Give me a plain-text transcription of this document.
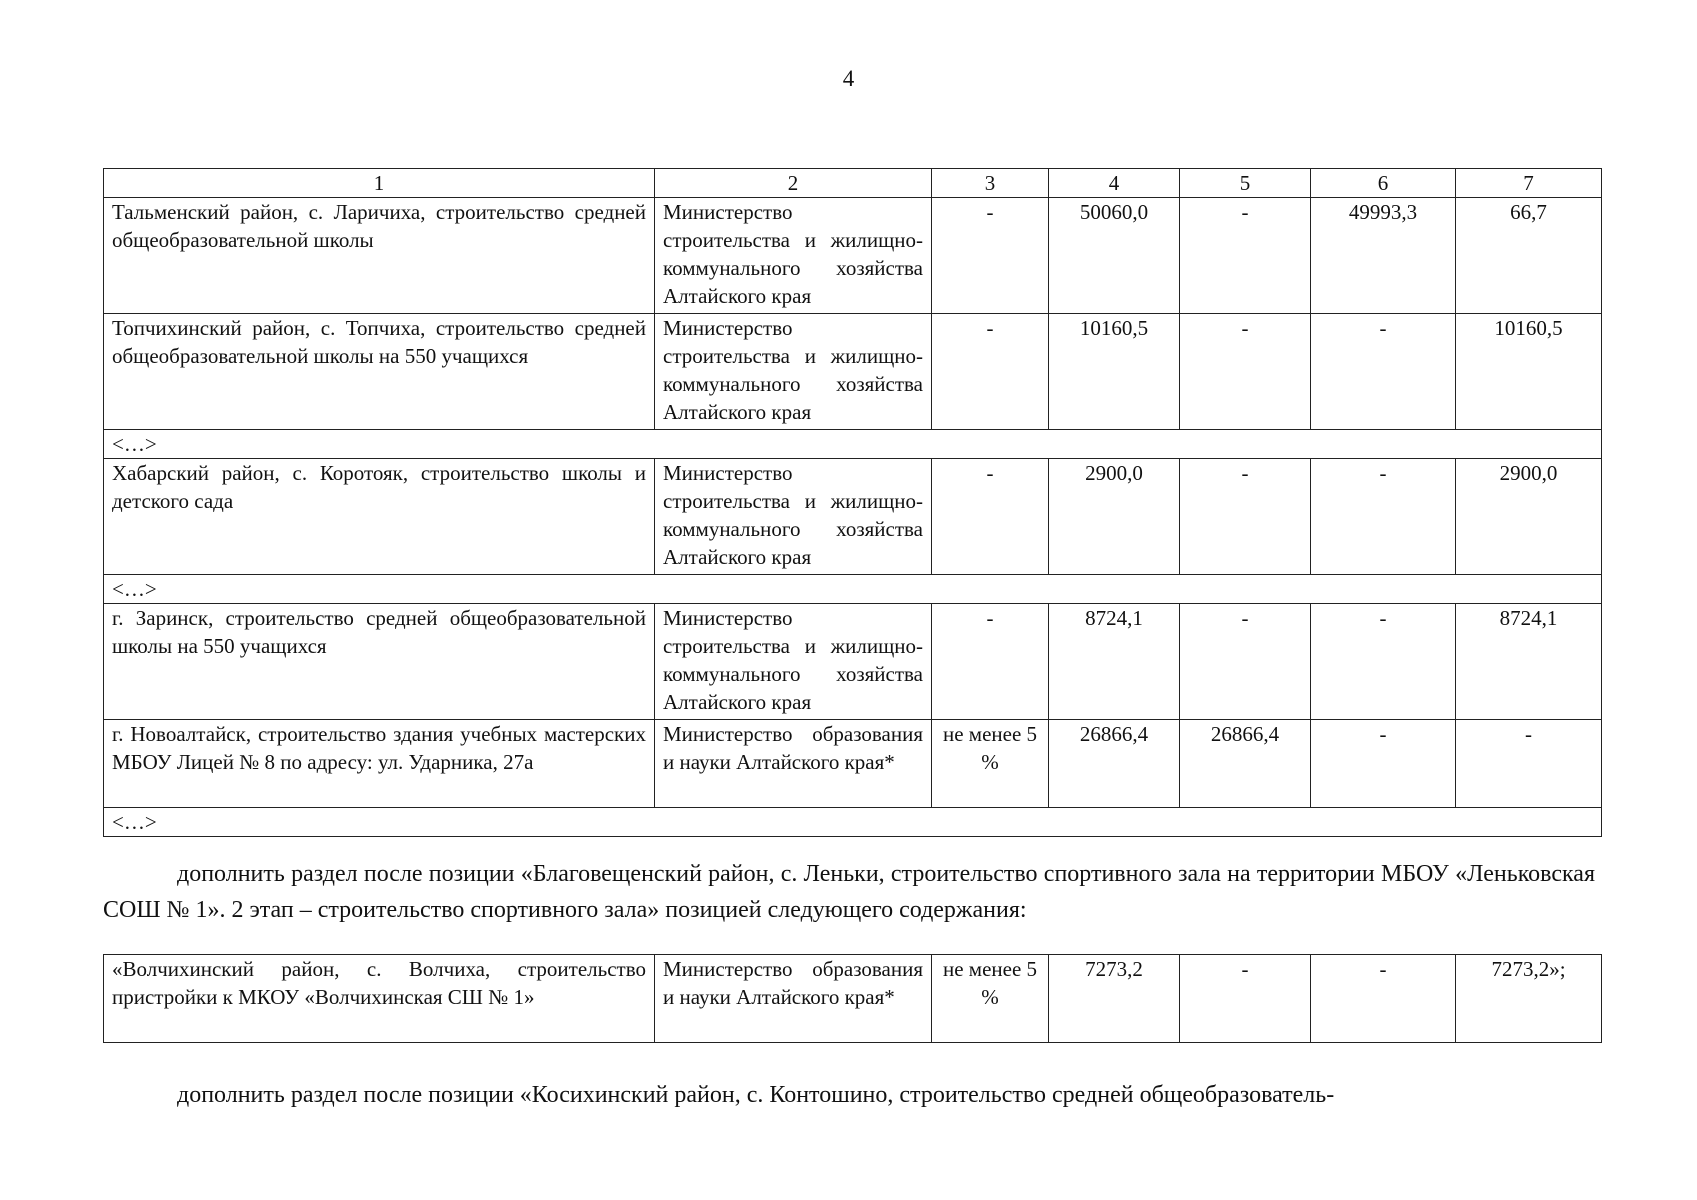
4
1	2	3	4	5	6	7
Тальменский район, с. Ларичиха, строительство средней общеобразовательной школы	Министерство строительства и жилищно-коммунального хозяйства Алтайского края	-	50060,0	-	49993,3	66,7
Топчихинский район, с. Топчиха, строительство средней общеобразовательной школы на 550 учащихся	Министерство строительства и жилищно-коммунального хозяйства Алтайского края	-	10160,5	-	-	10160,5
<…>						
Хабарский район, с. Коротояк, строительство школы и детского сада	Министерство строительства и жилищно-коммунального хозяйства Алтайского края	-	2900,0	-	-	2900,0
<…>						
г. Заринск, строительство средней общеобразовательной школы на 550 учащихся	Министерство строительства и жилищно-коммунального хозяйства Алтайского края	-	8724,1	-	-	8724,1
г. Новоалтайск, строительство здания учебных мастерских МБОУ Лицей № 8 по адресу: ул. Ударника, 27а	Министерство образования и науки Алтайского края*	не менее 5 %	26866,4	26866,4	-	-
<…>						
дополнить раздел после позиции «Благовещенский район, с. Леньки, строительство спортивного зала на территории МБОУ «Леньковская СОШ № 1». 2 этап – строительство спортивного зала» позицией следующего содержания:
«Волчихинский район, с. Волчиха, строительство пристройки к МКОУ «Волчихинская СШ № 1»	Министерство образования и науки Алтайского края*	не менее 5 %	7273,2	-	-	7273,2»;
дополнить раздел после позиции «Косихинский район, с. Контошино, строительство средней общеобразователь-
